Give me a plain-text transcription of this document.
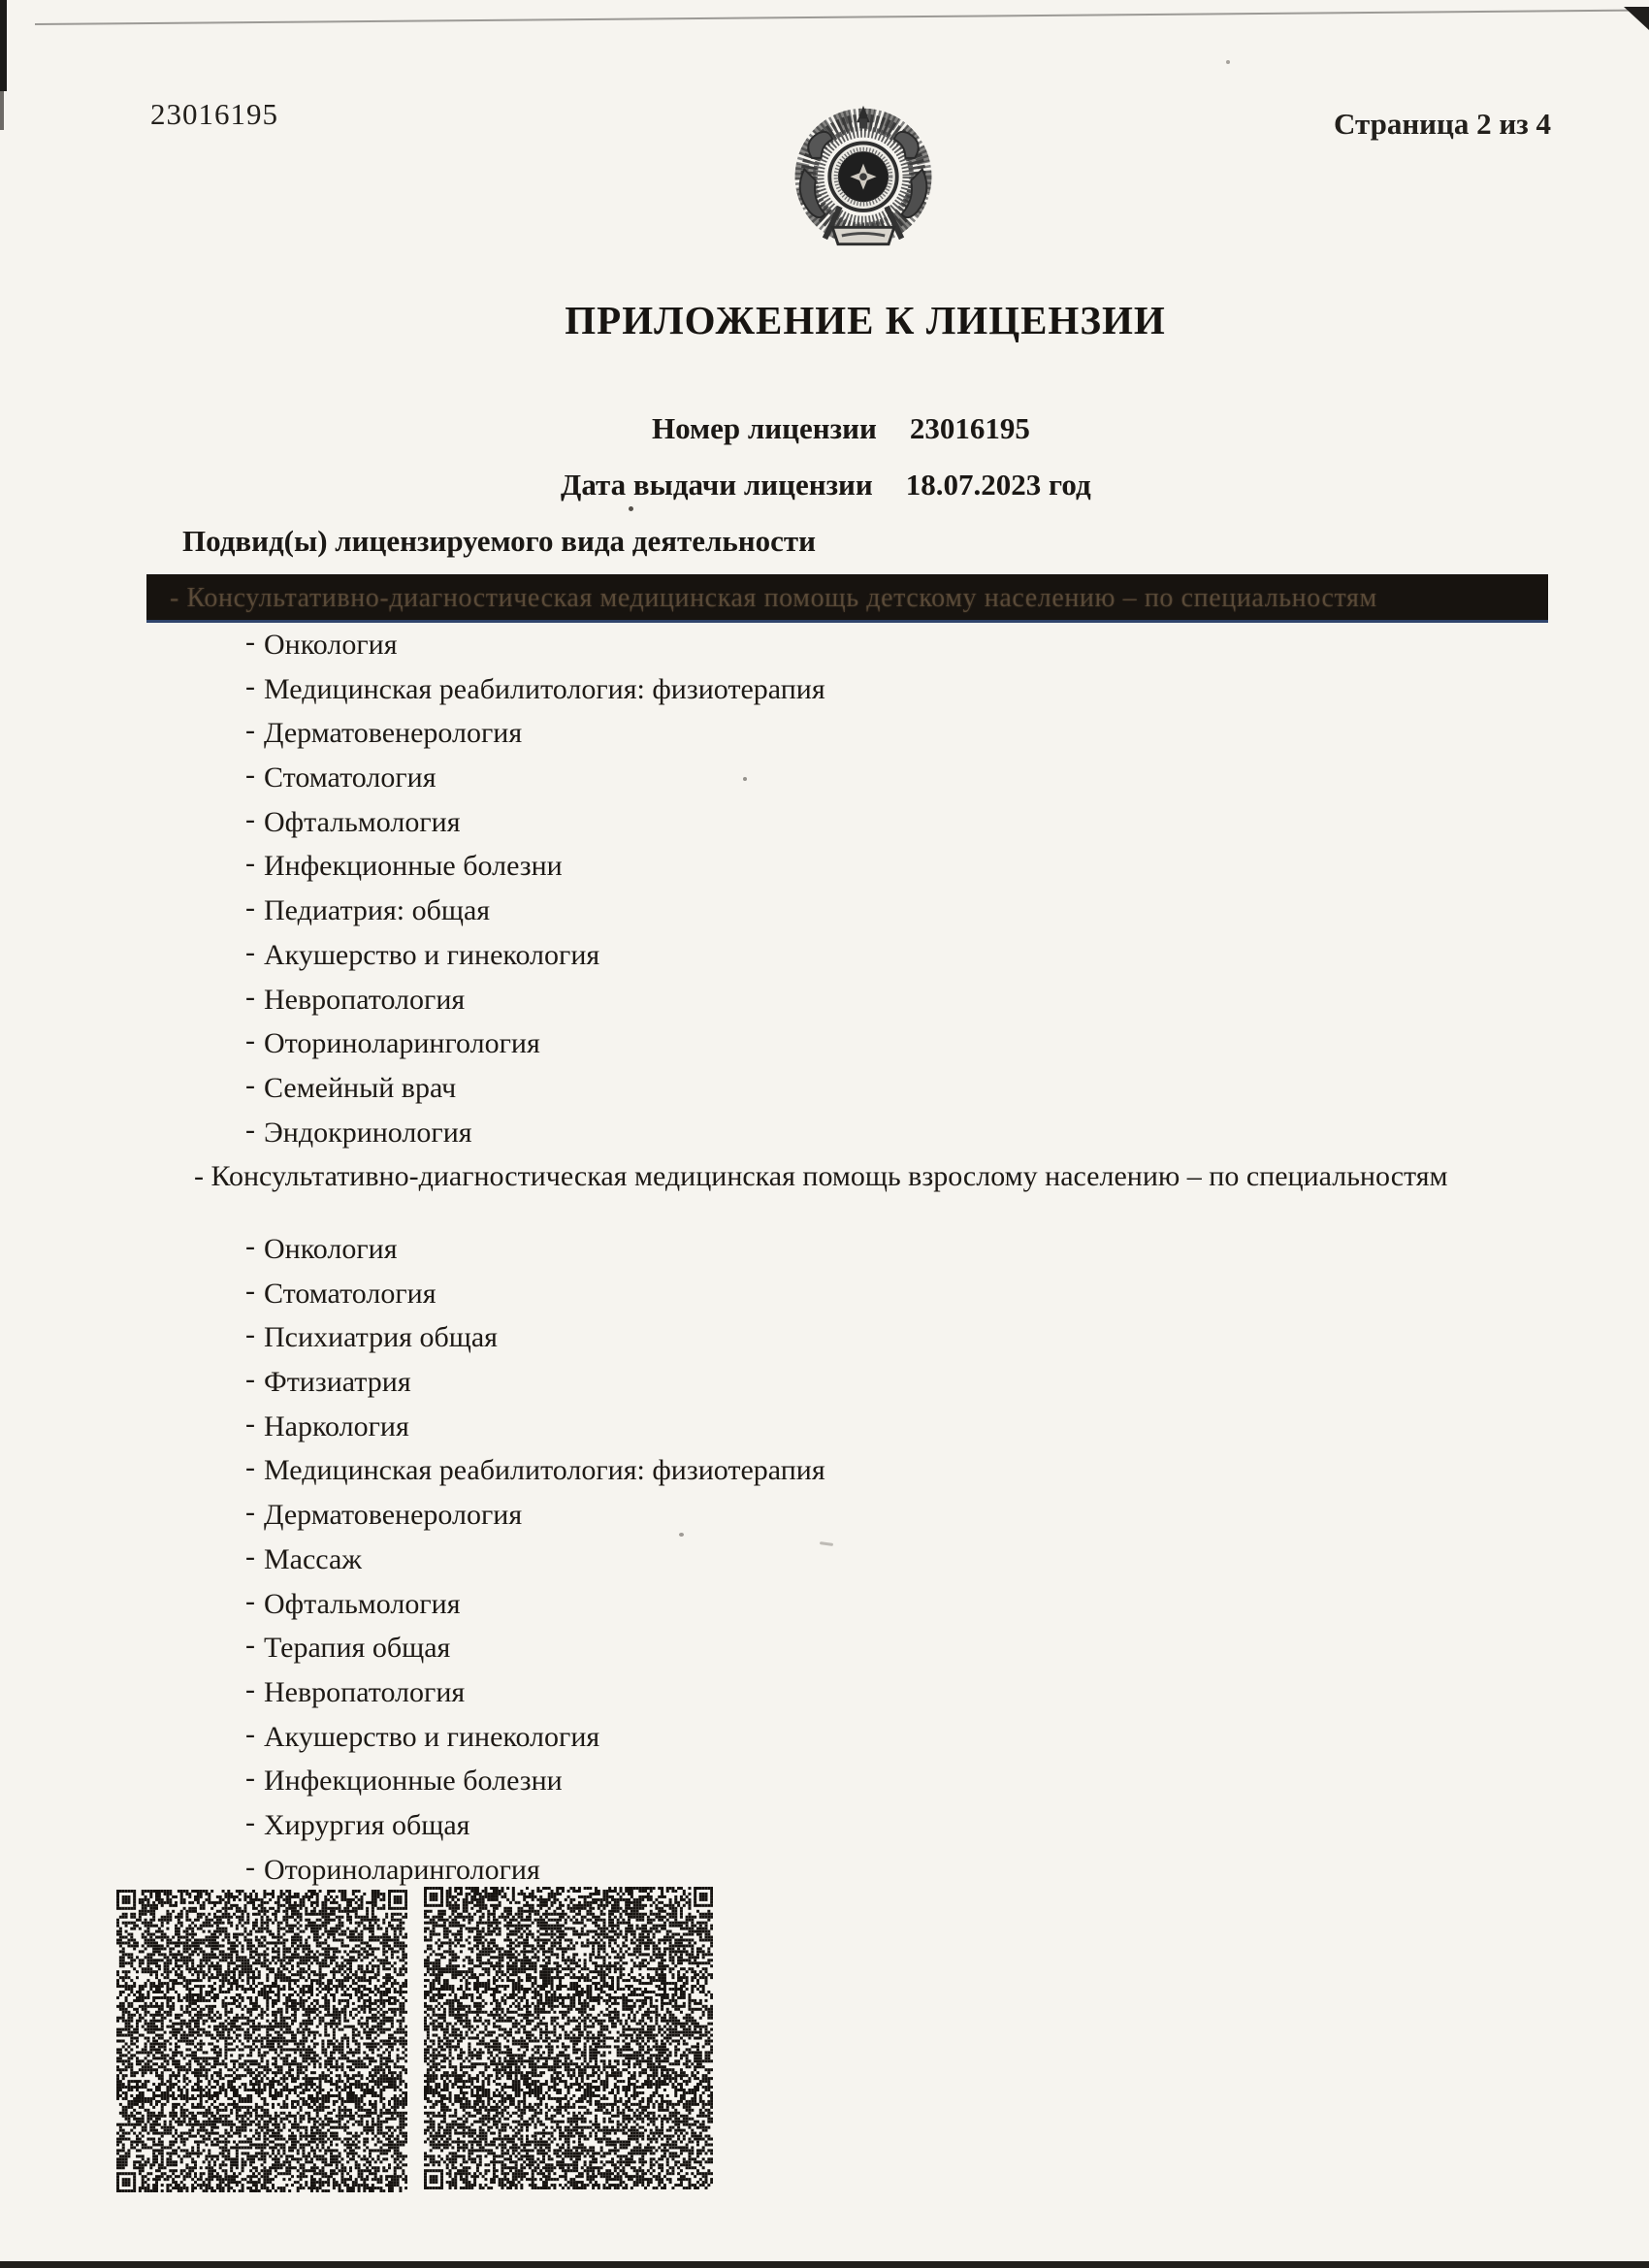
23016195	Страница 2 из 4
ПРИЛОЖЕНИЕ К ЛИЦЕНЗИИ
Номер лицензии 23016195
Дата выдачи лицензии 18.07.2023 год
Подвид(ы) лицензируемого вида деятельности
- Консультативно-диагностическая медицинская помощь детскому населению – по специальностям
- Онкология
- Медицинская реабилитология: физиотерапия
- Дерматовенерология
- Стоматология
- Офтальмология
- Инфекционные болезни
- Педиатрия: общая
- Акушерство и гинекология
- Невропатология
- Оториноларингология
- Семейный врач
- Эндокринология
- Консультативно-диагностическая медицинская помощь взрослому населению – по специальностям
- Онкология
- Стоматология
- Психиатрия общая
- Фтизиатрия
- Наркология
- Медицинская реабилитология: физиотерапия
- Дерматовенерология
- Массаж
- Офтальмология
- Терапия общая
- Невропатология
- Акушерство и гинекология
- Инфекционные болезни
- Хирургия общая
- Оториноларингология
